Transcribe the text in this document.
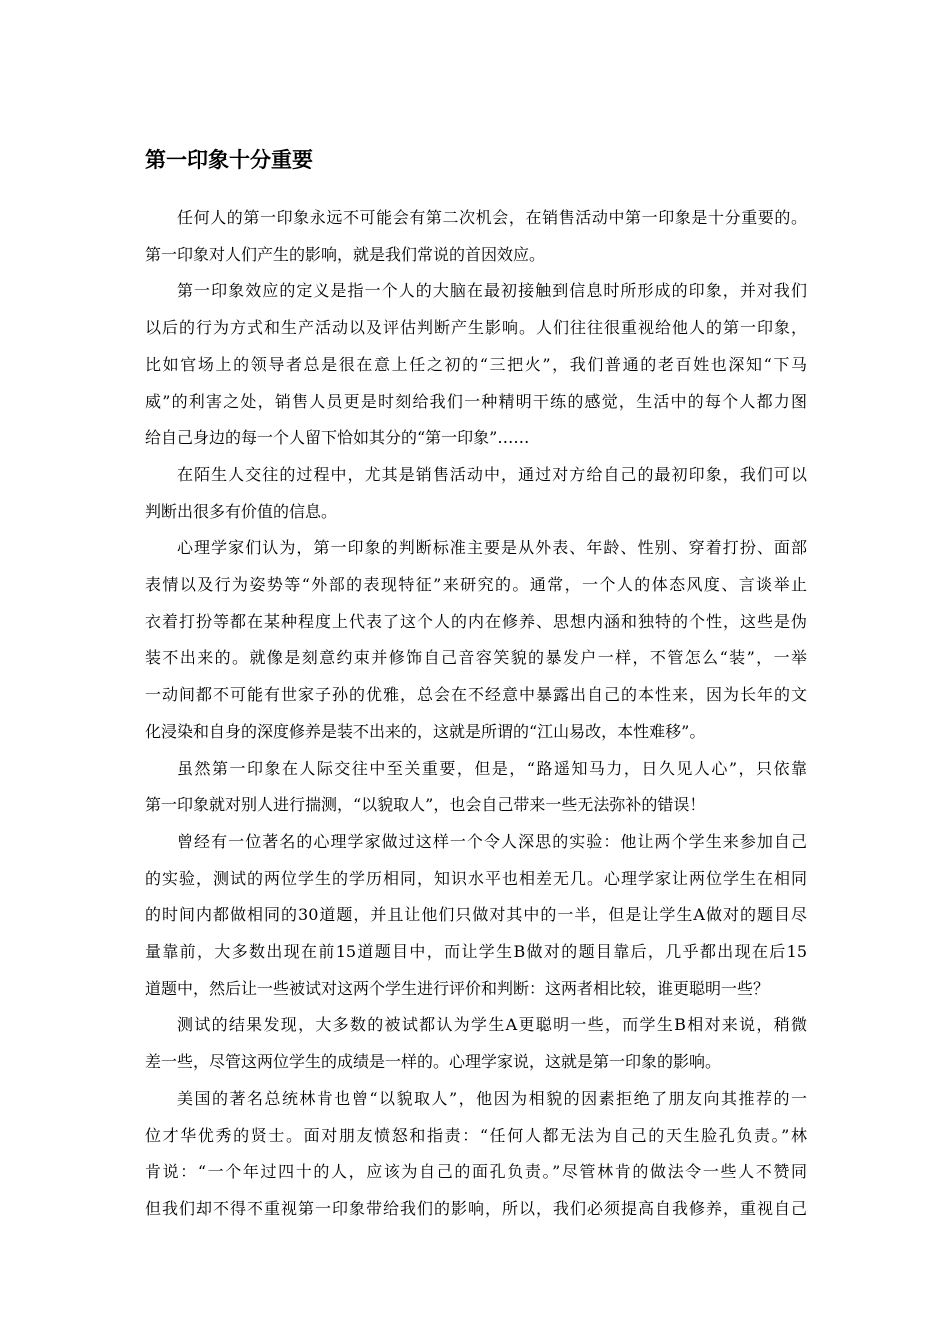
第一印象十分重要

任何人的第一印象永远不可能会有第二次机会，在销售活动中第一印象是十分重要的。
第一印象对人们产生的影响，就是我们常说的首因效应。

第一印象效应的定义是指一个人的大脑在最初接触到信息时所形成的印象，并对我们
以后的行为方式和生产活动以及评估判断产生影响。人们往往很重视给他人的第一印象，
比如官场上的领导者总是很在意上任之初的“三把火”，我们普通的老百姓也深知“下马
威”的利害之处，销售人员更是时刻给我们一种精明干练的感觉，生活中的每个人都力图
给自己身边的每一个人留下恰如其分的“第一印象”……

在陌生人交往的过程中，尤其是销售活动中，通过对方给自己的最初印象，我们可以
判断出很多有价值的信息。

心理学家们认为，第一印象的判断标准主要是从外表、年龄、性别、穿着打扮、面部
表情以及行为姿势等“外部的表现特征”来研究的。通常，一个人的体态风度、言谈举止
衣着打扮等都在某种程度上代表了这个人的内在修养、思想内涵和独特的个性，这些是伪
装不出来的。就像是刻意约束并修饰自己音容笑貌的暴发户一样，不管怎么“装”，一举
一动间都不可能有世家子孙的优雅，总会在不经意中暴露出自己的本性来，因为长年的文
化浸染和自身的深度修养是装不出来的，这就是所谓的“江山易改，本性难移”。

虽然第一印象在人际交往中至关重要，但是，“路遥知马力，日久见人心”，只依靠
第一印象就对别人进行揣测，“以貌取人”，也会自己带来一些无法弥补的错误！

曾经有一位著名的心理学家做过这样一个令人深思的实验：他让两个学生来参加自己
的实验，测试的两位学生的学历相同，知识水平也相差无几。心理学家让两位学生在相同
的时间内都做相同的30道题，并且让他们只做对其中的一半，但是让学生A做对的题目尽
量靠前，大多数出现在前15道题目中，而让学生B做对的题目靠后，几乎都出现在后15
道题中，然后让一些被试对这两个学生进行评价和判断：这两者相比较，谁更聪明一些？

测试的结果发现，大多数的被试都认为学生A更聪明一些，而学生B相对来说，稍微
差一些，尽管这两位学生的成绩是一样的。心理学家说，这就是第一印象的影响。

美国的著名总统林肯也曾“以貌取人”，他因为相貌的因素拒绝了朋友向其推荐的一
位才华优秀的贤士。面对朋友愤怒和指责：“任何人都无法为自己的天生脸孔负责。”林
肯说：“一个年过四十的人，应该为自己的面孔负责。”尽管林肯的做法令一些人不赞同
但我们却不得不重视第一印象带给我们的影响，所以，我们必须提高自我修养，重视自己
